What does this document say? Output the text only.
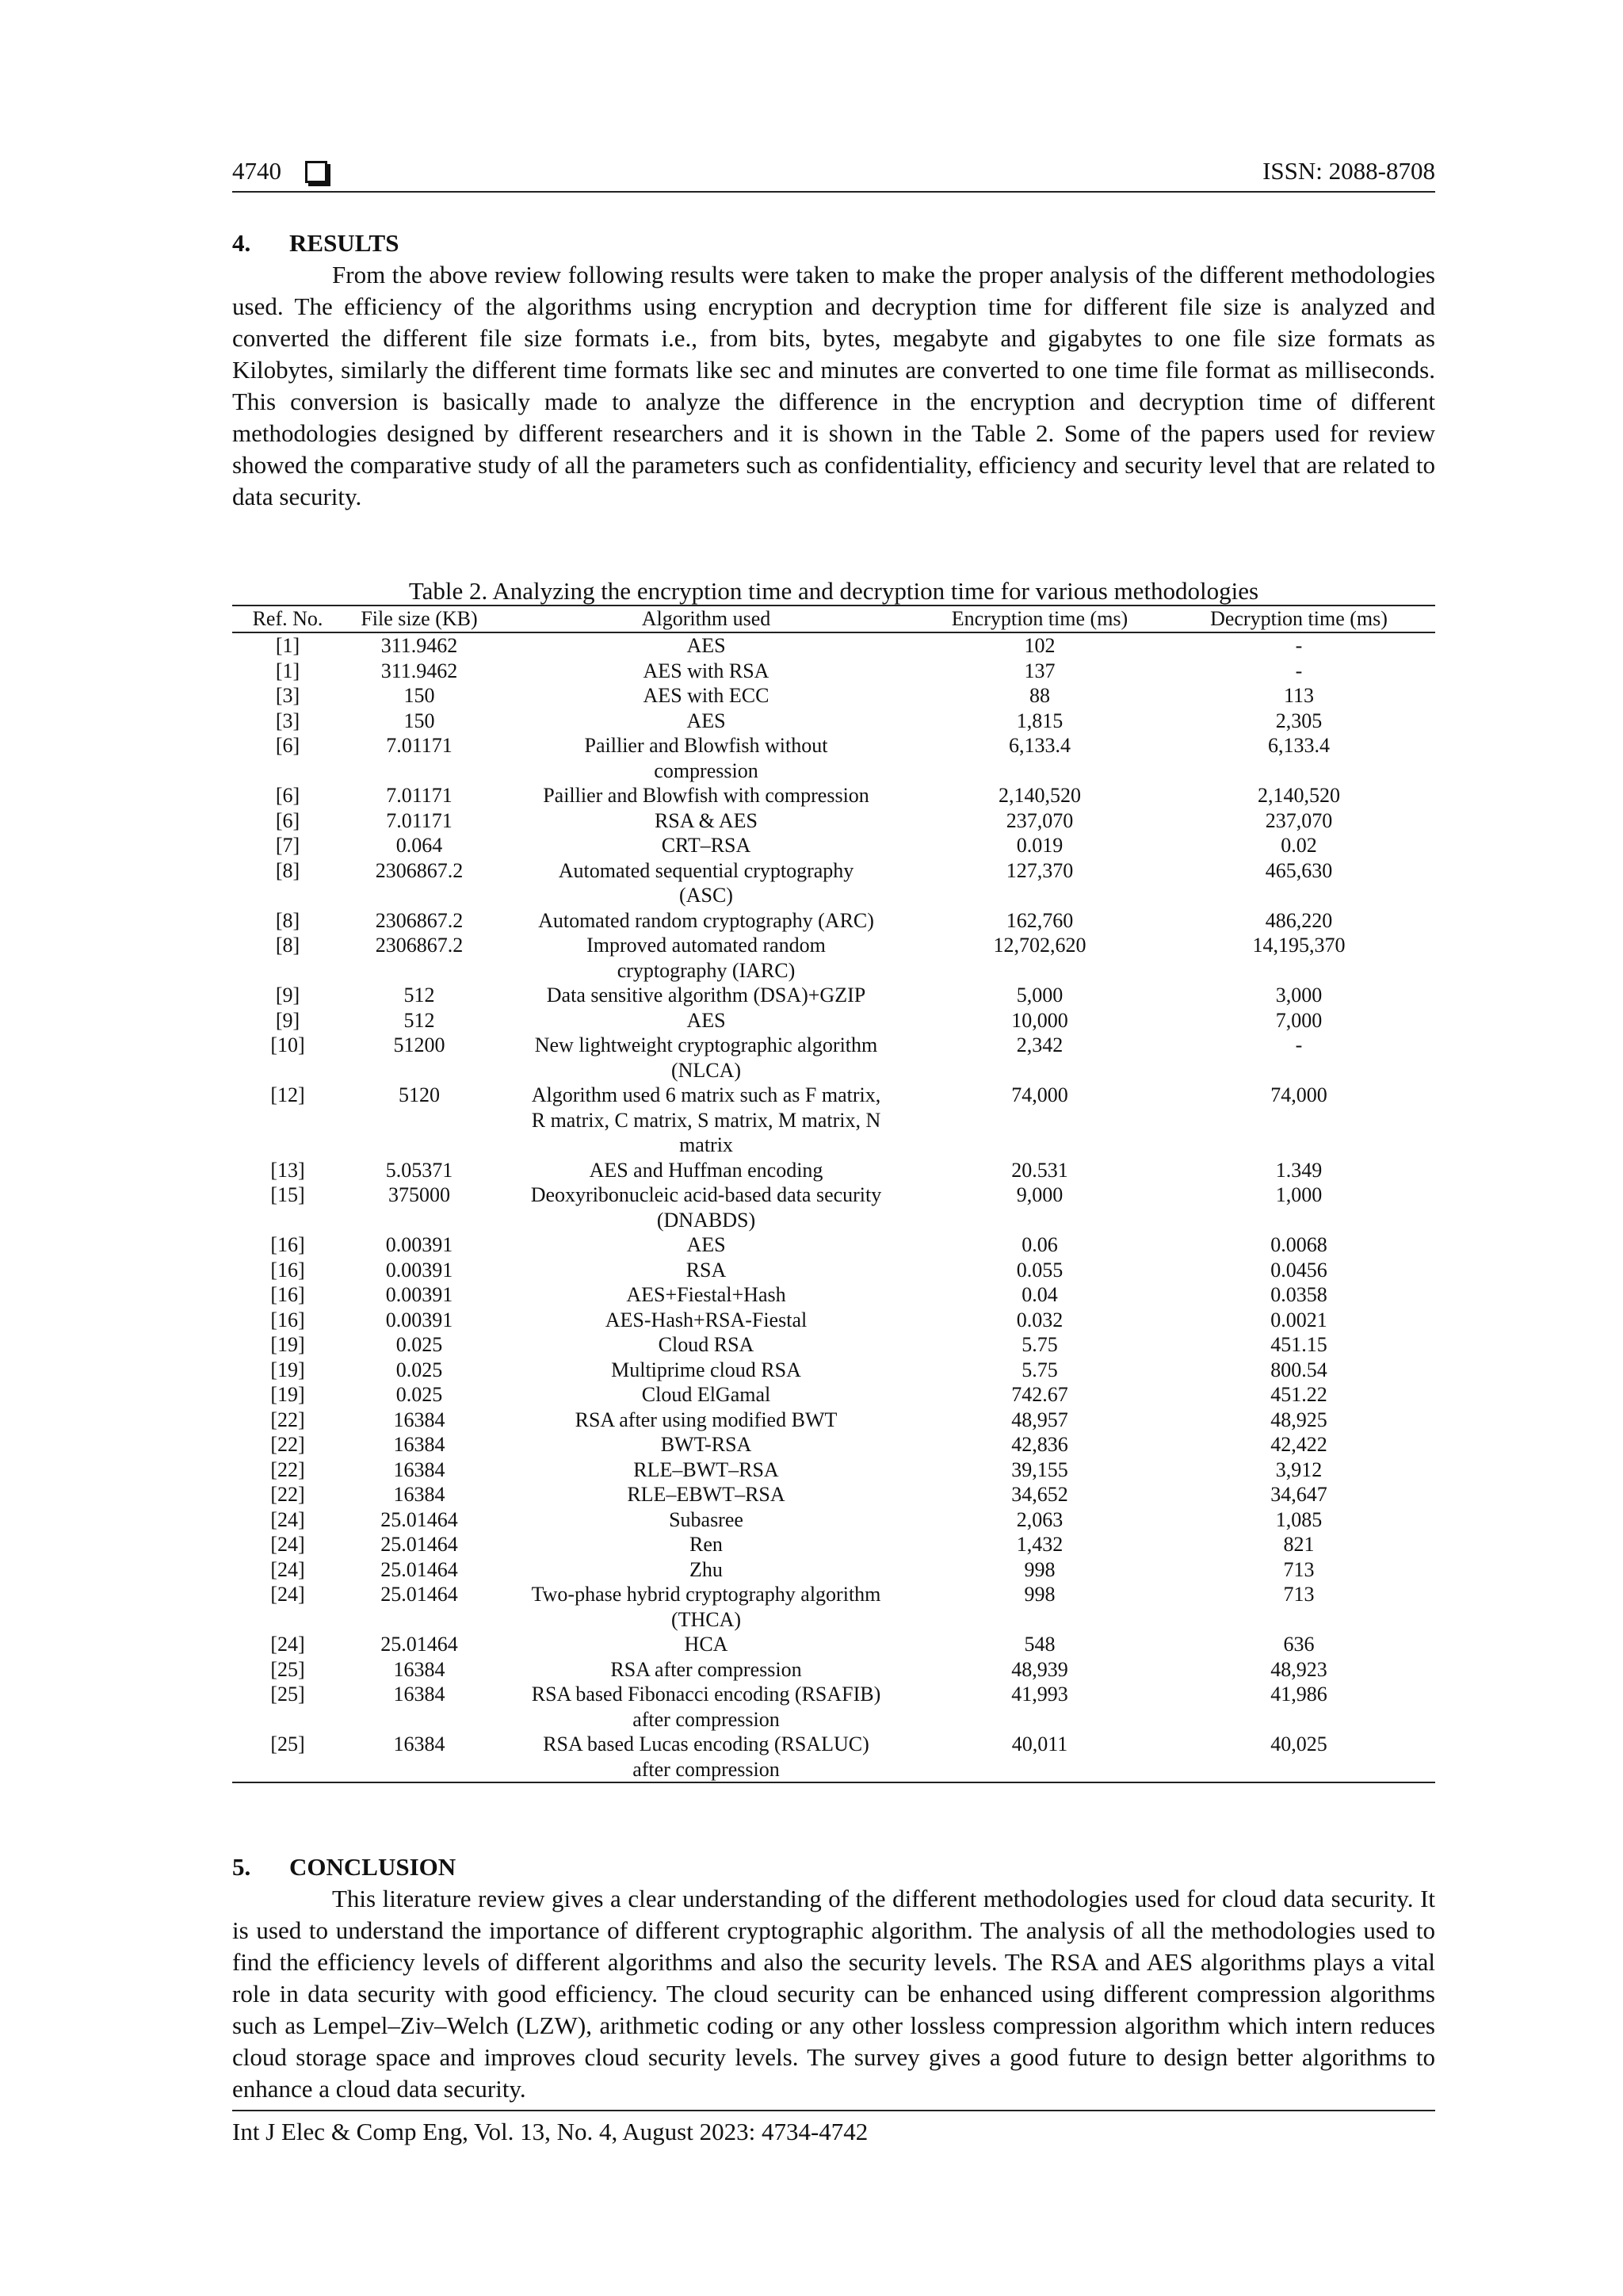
4740	ISSN: 2088-8708
4. RESULTS

From the above review following results were taken to make the proper analysis of the different methodologies used. The efficiency of the algorithms using encryption and decryption time for different file size is analyzed and converted the different file size formats i.e., from bits, bytes, megabyte and gigabytes to one file size formats as Kilobytes, similarly the different time formats like sec and minutes are converted to one time file format as milliseconds. This conversion is basically made to analyze the difference in the encryption and decryption time of different methodologies designed by different researchers and it is shown in the Table 2. Some of the papers used for review showed the comparative study of all the parameters such as confidentiality, efficiency and security level that are related to data security.

Table 2. Analyzing the encryption time and decryption time for various methodologies
Ref. No.	File size (KB)	Algorithm used	Encryption time (ms)	Decryption time (ms)
[1]	311.9462	AES	102	-
[1]	311.9462	AES with RSA	137	-
[3]	150	AES with ECC	88	113
[3]	150	AES	1,815	2,305
[6]	7.01171	Paillier and Blowfish without compression	6,133.4	6,133.4
[6]	7.01171	Paillier and Blowfish with compression	2,140,520	2,140,520
[6]	7.01171	RSA & AES	237,070	237,070
[7]	0.064	CRT–RSA	0.019	0.02
[8]	2306867.2	Automated sequential cryptography (ASC)	127,370	465,630
[8]	2306867.2	Automated random cryptography (ARC)	162,760	486,220
[8]	2306867.2	Improved automated random cryptography (IARC)	12,702,620	14,195,370
[9]	512	Data sensitive algorithm (DSA)+GZIP	5,000	3,000
[9]	512	AES	10,000	7,000
[10]	51200	New lightweight cryptographic algorithm (NLCA)	2,342	-
[12]	5120	Algorithm used 6 matrix such as F matrix, R matrix, C matrix, S matrix, M matrix, N matrix	74,000	74,000
[13]	5.05371	AES and Huffman encoding	20.531	1.349
[15]	375000	Deoxyribonucleic acid-based data security (DNABDS)	9,000	1,000
[16]	0.00391	AES	0.06	0.0068
[16]	0.00391	RSA	0.055	0.0456
[16]	0.00391	AES+Fiestal+Hash	0.04	0.0358
[16]	0.00391	AES-Hash+RSA-Fiestal	0.032	0.0021
[19]	0.025	Cloud RSA	5.75	451.15
[19]	0.025	Multiprime cloud RSA	5.75	800.54
[19]	0.025	Cloud ElGamal	742.67	451.22
[22]	16384	RSA after using modified BWT	48,957	48,925
[22]	16384	BWT-RSA	42,836	42,422
[22]	16384	RLE–BWT–RSA	39,155	3,912
[22]	16384	RLE–EBWT–RSA	34,652	34,647
[24]	25.01464	Subasree	2,063	1,085
[24]	25.01464	Ren	1,432	821
[24]	25.01464	Zhu	998	713
[24]	25.01464	Two-phase hybrid cryptography algorithm (THCA)	998	713
[24]	25.01464	HCA	548	636
[25]	16384	RSA after compression	48,939	48,923
[25]	16384	RSA based Fibonacci encoding (RSAFIB) after compression	41,993	41,986
[25]	16384	RSA based Lucas encoding (RSALUC) after compression	40,011	40,025
5. CONCLUSION

This literature review gives a clear understanding of the different methodologies used for cloud data security. It is used to understand the importance of different cryptographic algorithm. The analysis of all the methodologies used to find the efficiency levels of different algorithms and also the security levels. The RSA and AES algorithms plays a vital role in data security with good efficiency. The cloud security can be enhanced using different compression algorithms such as Lempel–Ziv–Welch (LZW), arithmetic coding or any other lossless compression algorithm which intern reduces cloud storage space and improves cloud security levels. The survey gives a good future to design better algorithms to enhance a cloud data security.

Int J Elec & Comp Eng, Vol. 13, No. 4, August 2023: 4734-4742
